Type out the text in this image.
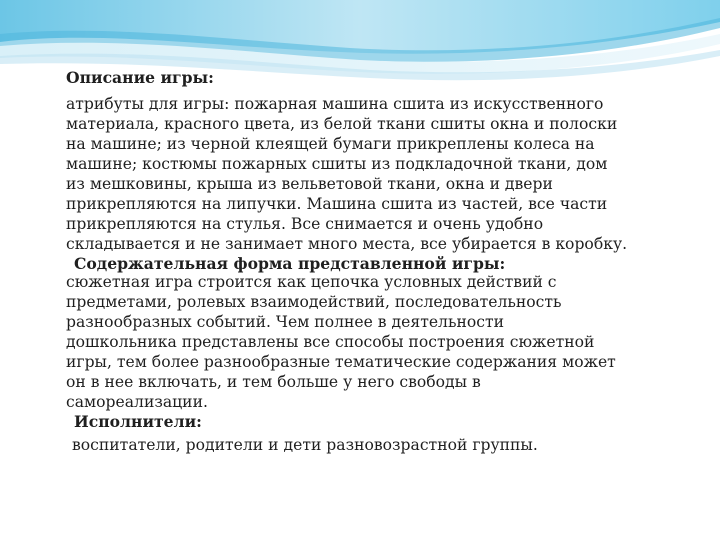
Описание игры:
атрибуты для игры: пожарная машина сшита из искусственного
материала, красного цвета, из белой ткани сшиты окна и полоски
на машине; из черной клеящей бумаги прикреплены колеса на
машине; костюмы пожарных сшиты из подкладочной ткани, дом
из мешковины, крыша из вельветовой ткани, окна и двери
прикрепляются на липучки. Машина сшита из частей, все части
прикрепляются на стулья. Все снимается и очень удобно
складывается и не занимает много места, все убирается в коробку.
Содержательная форма представленной игры:
сюжетная игра строится как цепочка условных действий с
предметами, ролевых взаимодействий, последовательность
разнообразных событий. Чем полнее в деятельности
дошкольника представлены все способы построения сюжетной
игры, тем более разнообразные тематические содержания может
он в нее включать, и тем больше у него свободы в
самореализации.
Исполнители:
воспитатели, родители и дети разновозрастной группы.
